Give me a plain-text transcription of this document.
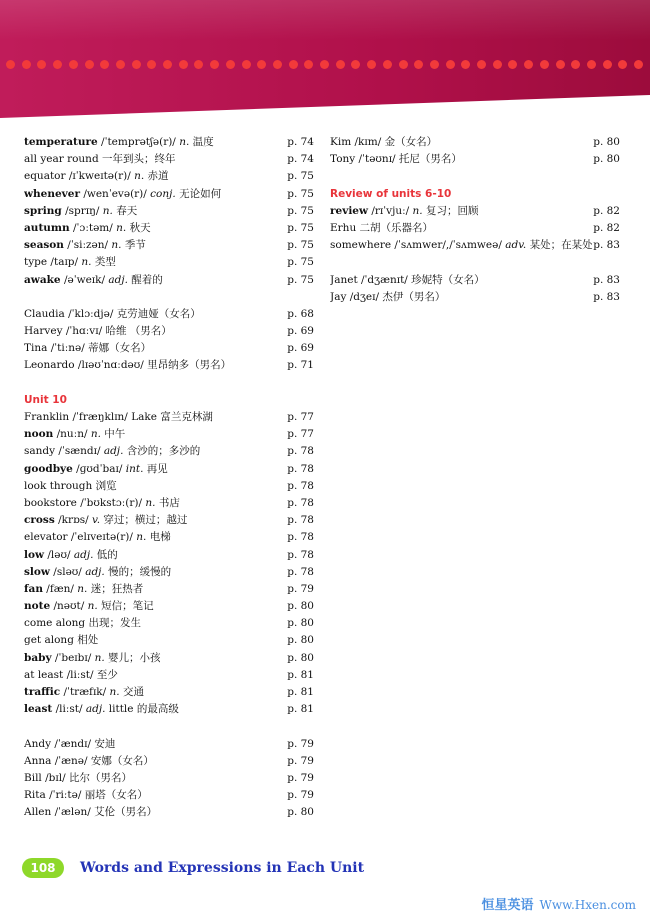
temperature /ˈtemprətʃə(r)/ n. 温度	p. 74
all year round 一年到头；终年	p. 74
equator /ɪˈkweɪtə(r)/ n. 赤道	p. 75
whenever /wenˈevə(r)/ conj. 无论如何	p. 75
spring /sprɪŋ/ n. 春天	p. 75
autumn /ˈɔːtəm/ n. 秋天	p. 75
season /ˈsiːzən/ n. 季节	p. 75
type /taɪp/ n. 类型	p. 75
awake /əˈweɪk/ adj. 醒着的	p. 75
Claudia /ˈklɔːdjə/ 克劳迪娅（女名）	p. 68
Harvey /ˈhɑːvɪ/ 哈维 （男名）	p. 69
Tina /ˈtiːnə/ 蒂娜（女名）	p. 69
Leonardo /lɪəʊˈnɑːdəʊ/ 里昂纳多（男名）	p. 71
Unit 10
Franklin /ˈfræŋklɪn/ Lake 富兰克林湖	p. 77
noon /nuːn/ n. 中午	p. 77
sandy /ˈsændɪ/ adj. 含沙的；多沙的	p. 78
goodbye /ɡʊdˈbaɪ/ int. 再见	p. 78
look through 浏览	p. 78
bookstore /ˈbʊkstɔː(r)/ n. 书店	p. 78
cross /krɒs/ v. 穿过；横过；越过	p. 78
elevator /ˈelɪveɪtə(r)/ n. 电梯	p. 78
low /ləʊ/ adj. 低的	p. 78
slow /sləʊ/ adj. 慢的；缓慢的	p. 78
fan /fæn/ n. 迷；狂热者	p. 79
note /nəʊt/ n. 短信；笔记	p. 80
come along 出现；发生	p. 80
get along 相处	p. 80
baby /ˈbeɪbɪ/ n. 婴儿；小孩	p. 80
at least /liːst/ 至少	p. 81
traffic /ˈtræfɪk/ n. 交通	p. 81
least /liːst/ adj. little 的最高级	p. 81
Andy /ˈændɪ/ 安迪	p. 79
Anna /ˈænə/ 安娜（女名）	p. 79
Bill /bɪl/ 比尔（男名）	p. 79
Rita /ˈriːtə/ 丽塔（女名）	p. 79
Allen /ˈælən/ 艾伦（男名）	p. 80
Kim /kɪm/ 金（女名）	p. 80
Tony /ˈtəʊnɪ/ 托尼（男名）	p. 80
Review of units 6-10
review /rɪˈvjuː/ n. 复习；回顾	p. 82
Erhu 二胡（乐器名）	p. 82
somewhere /ˈsʌmwer/,/ˈsʌmweə/ adv. 某处；在某处 p. 83
Janet /ˈdʒænɪt/ 珍妮特（女名）	p. 83
Jay /dʒeɪ/ 杰伊（男名）	p. 83
108	Words and Expressions in Each Unit
恒星英语 Www.Hxen.com
